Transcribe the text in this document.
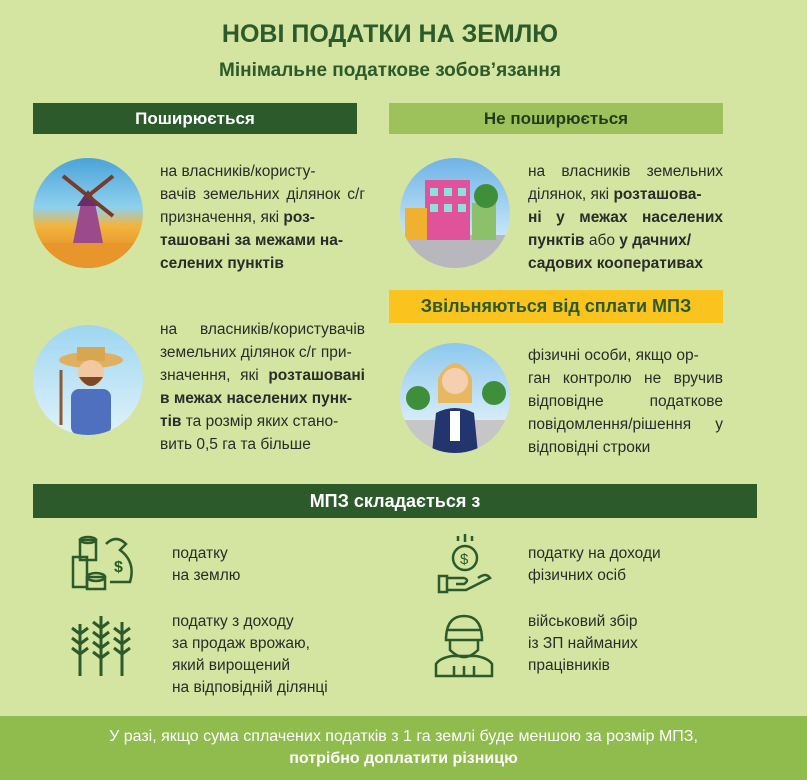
НОВІ ПОДАТКИ НА ЗЕМЛЮ
Мінімальне податкове зобов’язання
Поширюється	Не поширюється
на власників/користу-
вачів земельних ділянок с/г призначення, які роз-
ташовані за межами на-
селених пунктів
на власників/користувачів земельних ділянок с/г при-
значення, які розташовані в межах населених пунк-
тів та розмір яких стано-
вить 0,5 га та більше
на власників земельних ділянок, які розташова-
ні у межах населених пунктів або у дачних/
садових кооперативах
Звільняються від сплати МПЗ
фізичні особи, якщо ор-
ган контролю не вручив відповідне податкове повідомлення/рішення у відповідні строки
МПЗ складається з
$
податку
на землю
податку з доходу
за продаж врожаю,
який вирощений
на відповідній ділянці
$	податку на доходи
фізичних осіб
військовий збір
із ЗП найманих
працівників
У разі, якщо сума сплачених податків з 1 га землі буде меншою за розмір МПЗ,
потрібно доплатити різницю
